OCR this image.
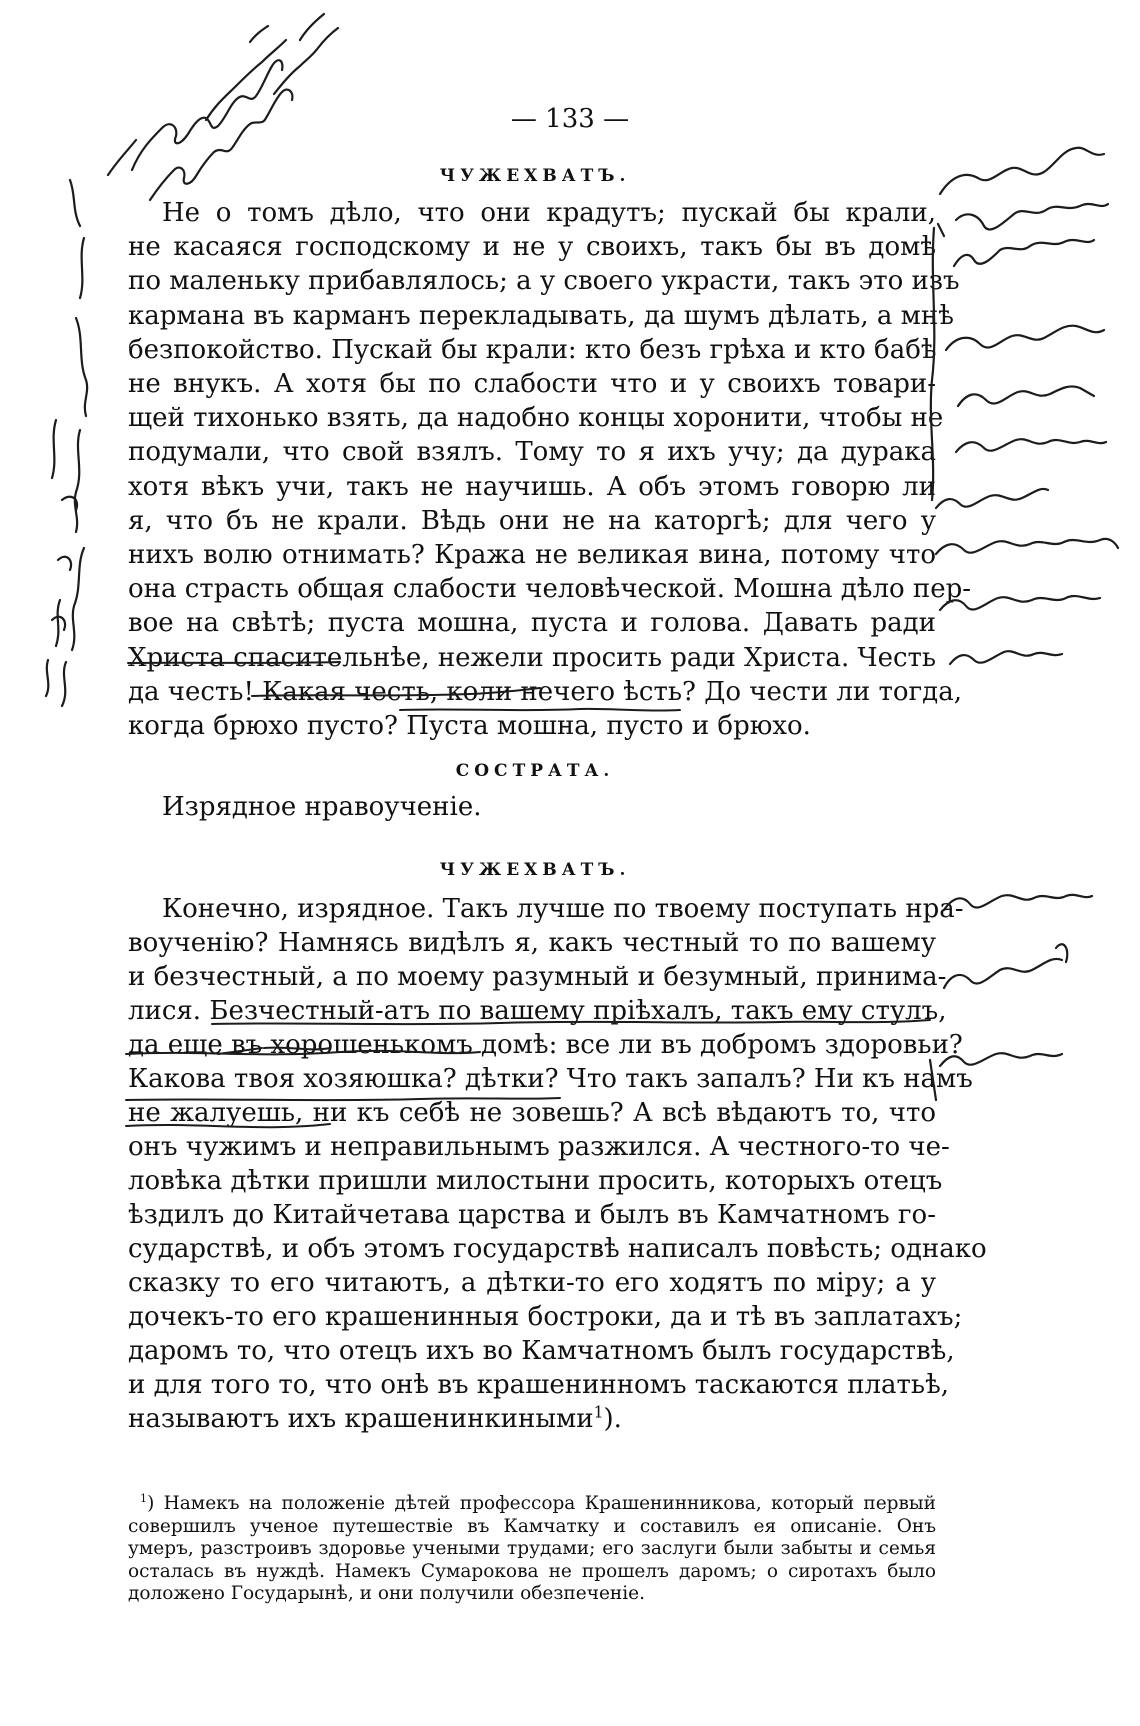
— 133 —
ЧУЖЕХВАТЪ.
Не о томъ дѣло, что они крадутъ; пускай бы крали,
не касаяся господскому и не у своихъ, такъ бы въ домѣ
по маленьку прибавлялось; а у своего украсти, такъ это изъ
кармана въ карманъ перекладывать, да шумъ дѣлать, а мнѣ
безпокойство. Пускай бы крали: кто безъ грѣха и кто бабѣ
не внукъ. А хотя бы по слабости что и у своихъ товари-
щей тихонько взять, да надобно концы хоронити, чтобы не
подумали, что свой взялъ. Тому то я ихъ учу; да дурака
хотя вѣкъ учи, такъ не научишь. А объ этомъ говорю ли
я, что бъ не крали. Вѣдь они не на каторгѣ; для чего у
нихъ волю отнимать? Кража не великая вина, потому что
она страсть общая слабости человѣческой. Мошна дѣло пер-
вое на свѣтѣ; пуста мошна, пуста и голова. Давать ради
Христа спасительнѣе, нежели просить ради Христа. Честь
да честь! Какая честь, коли нечего ѣсть? До чести ли тогда,
когда брюхо пусто? Пуста мошна, пусто и брюхо.
СОСТРАТА.
Изрядное нравоученіе.
ЧУЖЕХВАТЪ.
Конечно, изрядное. Такъ лучше по твоему поступать нра-
воученію? Намнясь видѣлъ я, какъ честный то по вашему
и безчестный, а по моему разумный и безумный, принима-
лися. Безчестный-атъ по вашему пріѣхалъ, такъ ему стулъ,
да еще въ хорошенькомъ домѣ: все ли въ добромъ здоровьи?
Какова твоя хозяюшка? дѣтки? Что такъ запалъ? Ни къ намъ
не жалуешь, ни къ себѣ не зовешь? А всѣ вѣдаютъ то, что
онъ чужимъ и неправильнымъ разжился. А честного-то че-
ловѣка дѣтки пришли милостыни просить, которыхъ отецъ
ѣздилъ до Китайчетава царства и былъ въ Камчатномъ го-
сударствѣ, и объ этомъ государствѣ написалъ повѣсть; однако
сказку то его читаютъ, а дѣтки-то его ходятъ по міру; а у
дочекъ-то его крашенинныя бостроки, да и тѣ въ заплатахъ;
даромъ то, что отецъ ихъ во Камчатномъ былъ государствѣ,
и для того то, что онѣ въ крашенинномъ таскаются платьѣ,
называютъ ихъ крашенинкиными$^1$).
$^1$) Намекъ на положеніе дѣтей профессора Крашенинникова, который первый
совершилъ ученое путешествіе въ Камчатку и составилъ ея описаніе. Онъ
умеръ, разстроивъ здоровье учеными трудами; его заслуги были забыты и семья
осталась въ нуждѣ. Намекъ Сумарокова не прошелъ даромъ; о сиротахъ было
доложено Государынѣ, и они получили обезпеченіе.
